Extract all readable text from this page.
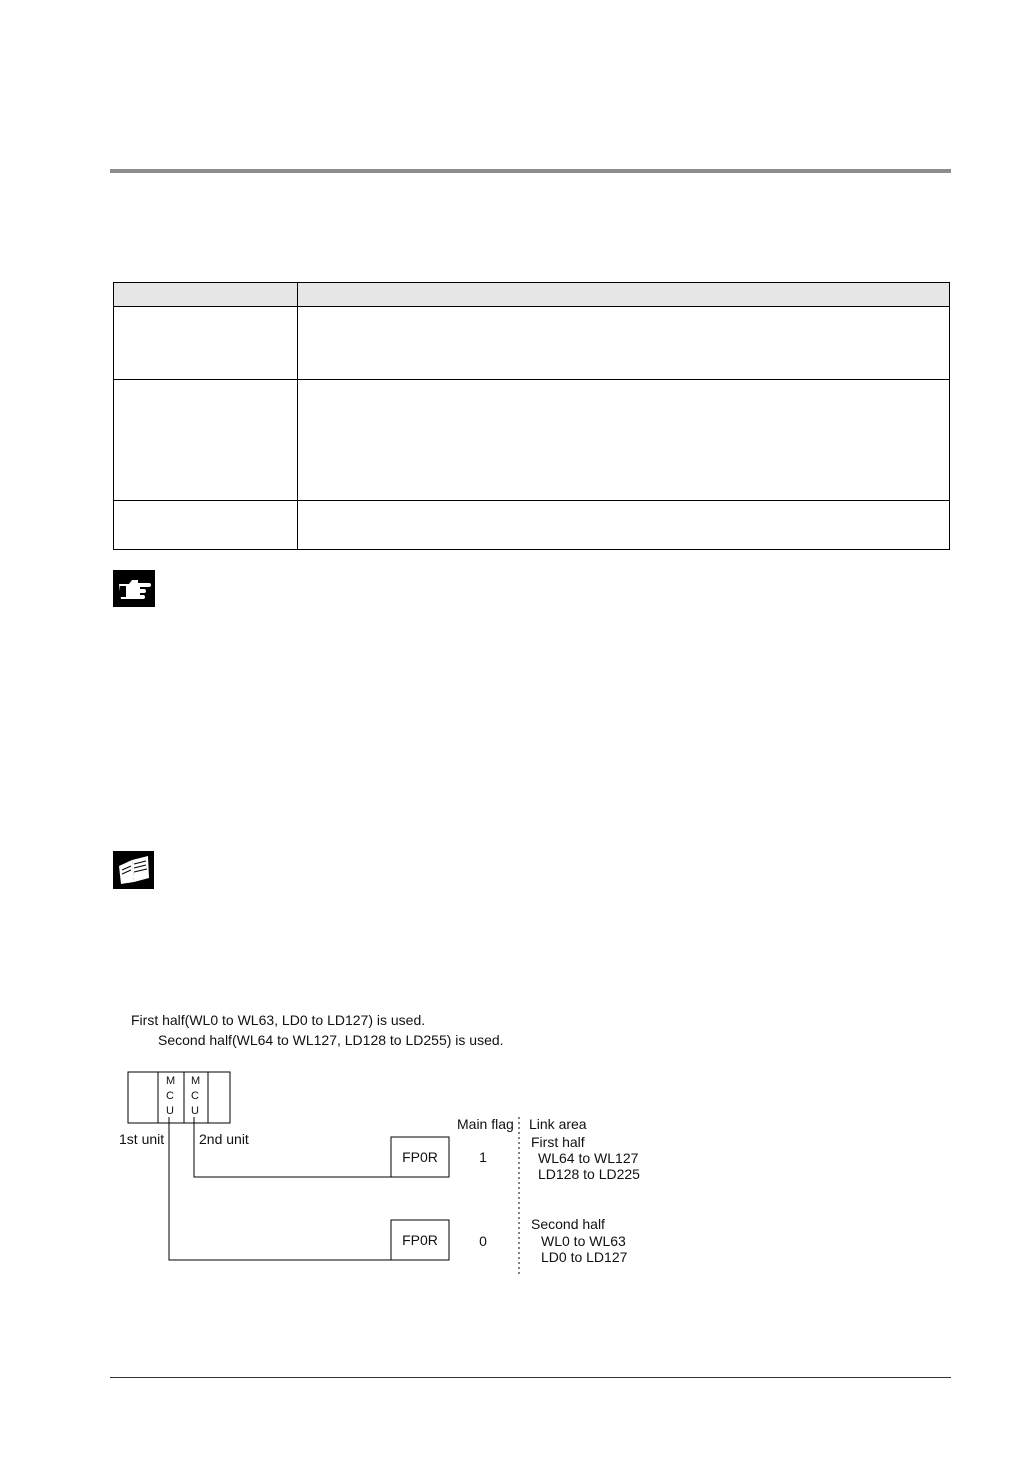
First half(WL0 to WL63, LD0 to LD127) is used.
Second half(WL64 to WL127, LD128 to LD255) is used.
M
C
U
M
C
U
1st unit 2nd unit
FP0R
FP0R
Main flag Link area
1
0
First half
WL64 to WL127
LD128 to LD225
Second half
WL0 to WL63
LD0 to LD127
